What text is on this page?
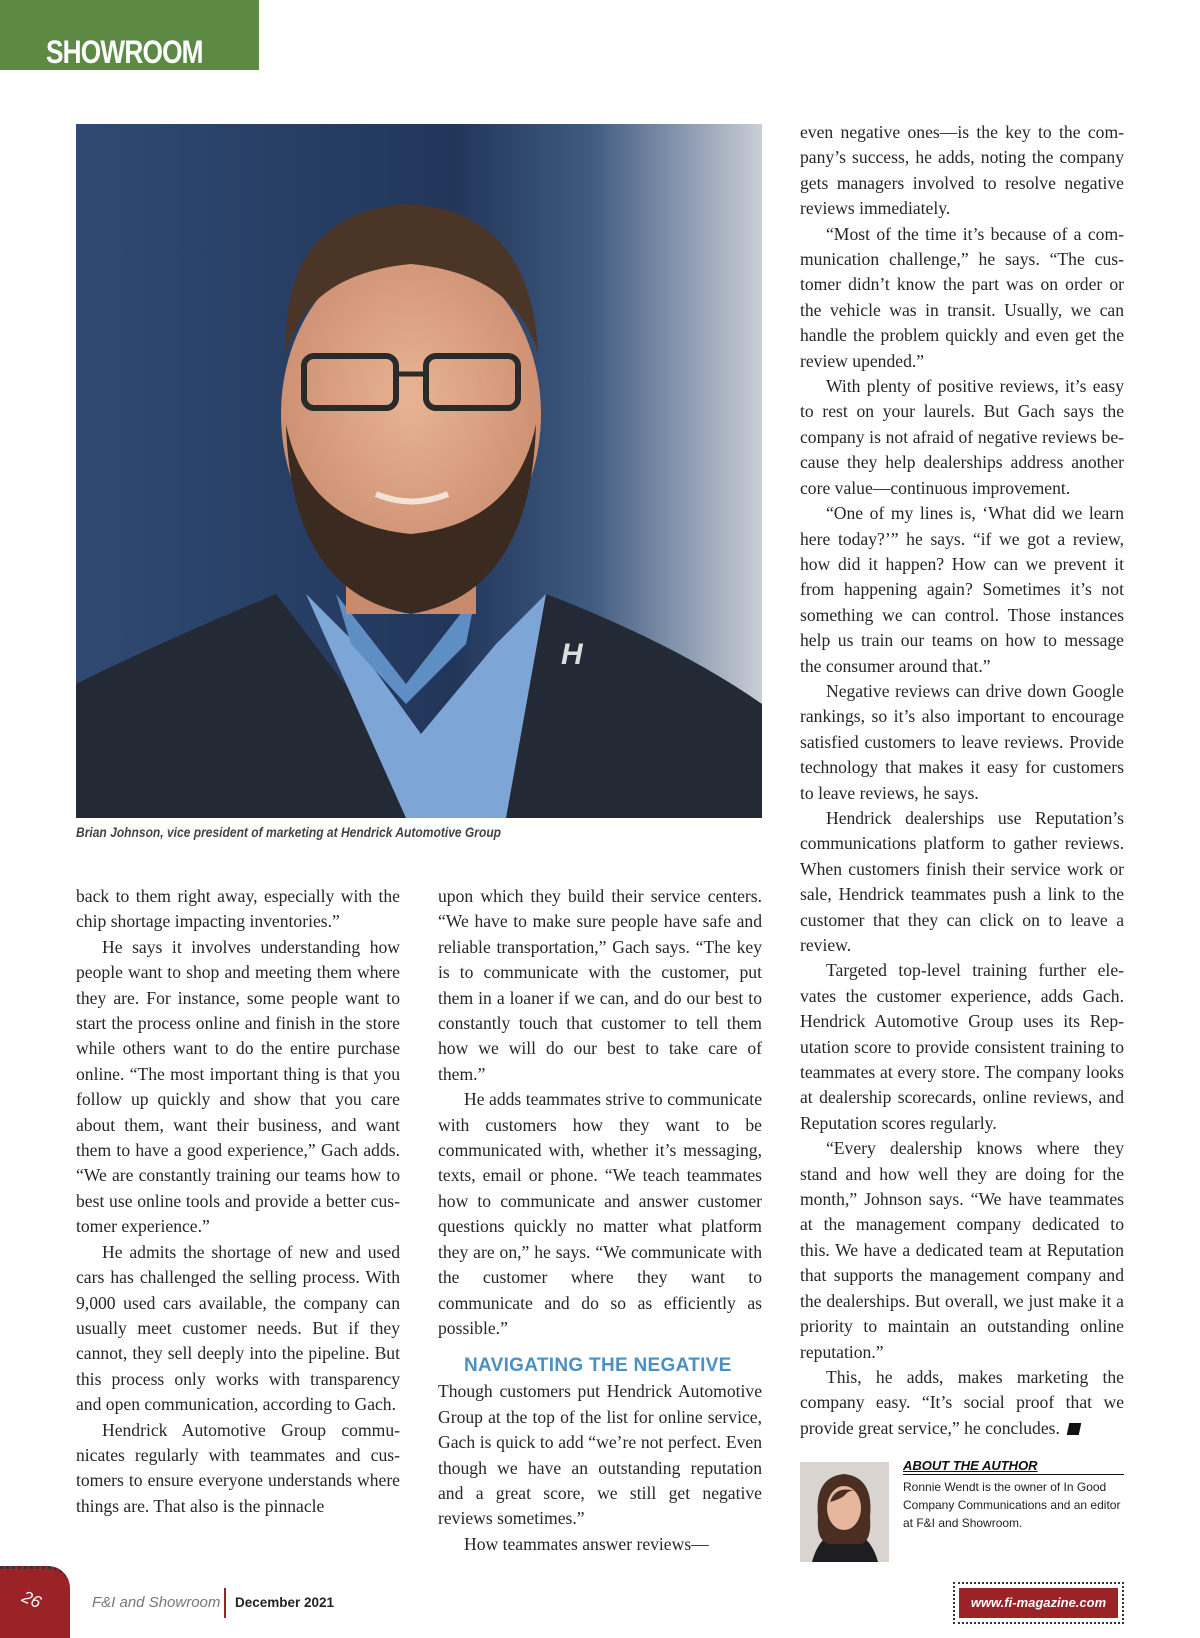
SHOWROOM
H
Brian Johnson, vice president of marketing at Hendrick Automotive Group

back to them right away, especially with the chip shortage impacting inventories.”

He says it involves understanding how people want to shop and meeting them where they are. For instance, some people want to start the process online and finish in the store while others want to do the entire purchase online. “The most important thing is that you follow up quickly and show that you care about them, want their business, and want them to have a good experience,” Gach adds. “We are constantly training our teams how to best use online tools and provide a better customer experience.”

He admits the shortage of new and used cars has challenged the selling process. With 9,000 used cars available, the company can usually meet customer needs. But if they cannot, they sell deeply into the pipeline. But this process only works with transparency and open communication, according to Gach.

Hendrick Automotive Group communicates regularly with teammates and customers to ensure everyone understands where things are. That also is the pinnacle

upon which they build their service centers. “We have to make sure people have safe and reliable transportation,” Gach says. “The key is to communicate with the customer, put them in a loaner if we can, and do our best to constantly touch that customer to tell them how we will do our best to take care of them.”

He adds teammates strive to communicate with customers how they want to be communicated with, whether it’s messaging, texts, email or phone. “We teach teammates how to communicate and answer customer questions quickly no matter what platform they are on,” he says. “We communicate with the customer where they want to communicate and do so as efficiently as possible.”

NAVIGATING THE NEGATIVE

Though customers put Hendrick Automotive Group at the top of the list for online service, Gach is quick to add “we’re not perfect. Even though we have an outstanding reputation and a great score, we still get negative reviews sometimes.”

How teammates answer reviews—

even negative ones—is the key to the company’s success, he adds, noting the company gets managers involved to resolve negative reviews immediately.

“Most of the time it’s because of a communication challenge,” he says. “The customer didn’t know the part was on order or the vehicle was in transit. Usually, we can handle the problem quickly and even get the review upended.”

With plenty of positive reviews, it’s easy to rest on your laurels. But Gach says the company is not afraid of negative reviews because they help dealerships address another core value—continuous improvement.

“One of my lines is, ‘What did we learn here today?’” he says. “if we got a review, how did it happen? How can we prevent it from happening again? Sometimes it’s not something we can control. Those instances help us train our teams on how to message the consumer around that.”

Negative reviews can drive down Google rankings, so it’s also important to encourage satisfied customers to leave reviews. Provide technology that makes it easy for customers to leave reviews, he says.

Hendrick dealerships use Reputation’s communications platform to gather reviews. When customers finish their service work or sale, Hendrick teammates push a link to the customer that they can click on to leave a review.

Targeted top-level training further elevates the customer experience, adds Gach. Hendrick Automotive Group uses its Reputation score to provide consistent training to teammates at every store. The company looks at dealership scorecards, online reviews, and Reputation scores regularly.

“Every dealership knows where they stand and how well they are doing for the month,” Johnson says. “We have teammates at the management company dedicated to this. We have a dedicated team at Reputation that supports the management company and the dealerships. But overall, we just make it a priority to maintain an outstanding online reputation.”

This, he adds, makes marketing the company easy. “It’s social proof that we provide great service,” he concludes.

ABOUT THE AUTHOR
Ronnie Wendt is the owner of In Good Company Communications and an editor at F&I and Showroom.
26	F&I and Showroom December 2021	www.fi-magazine.com
